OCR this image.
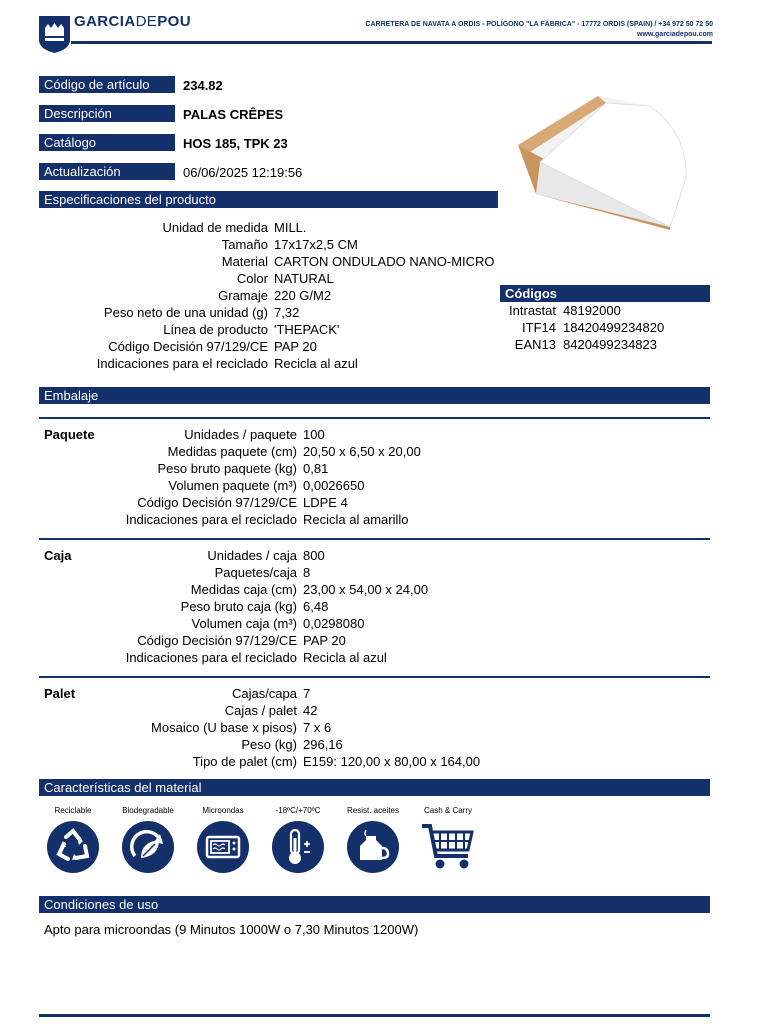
GARCIADEPOU	CARRETERA DE NAVATA A ORDIS - POLÍGONO "LA FÁBRICA" - 17772 ORDIS (SPAIN) / +34 972 50 72 50
www.garciadepou.com
Código de artículo	234.82
Descripción	PALAS CRÊPES
Catálogo	HOS 185, TPK 23
Actualización	06/06/2025 12:19:56
Especificaciones del producto
Unidad de medida MILL.
Tamaño 17x17x2,5 CM
Material CARTON ONDULADO NANO-MICRO
Color NATURAL
Gramaje 220 G/M2
Peso neto de una unidad (g) 7,32
Línea de producto 'THEPACK'
Código Decisión 97/129/CE PAP 20
Indicaciones para el reciclado Recicla al azul
Códigos
Intrastat 48192000
ITF14 18420499234820
EAN13 8420499234823
Embalaje
Paquete	Unidades / paquete 100
Medidas paquete (cm) 20,50 x 6,50 x 20,00
Peso bruto paquete (kg) 0,81
Volumen paquete (m³) 0,0026650
Código Decisión 97/129/CE LDPE 4
Indicaciones para el reciclado Recicla al amarillo
Caja	Unidades / caja 800
Paquetes/caja 8
Medidas caja (cm) 23,00 x 54,00 x 24,00
Peso bruto caja (kg) 6,48
Volumen caja (m³) 0,0298080
Código Decisión 97/129/CE PAP 20
Indicaciones para el reciclado Recicla al azul
Palet	Cajas/capa 7
Cajas / palet 42
Mosaico (U base x pisos) 7 x 6
Peso (kg) 296,16
Tipo de palet (cm) E159: 120,00 x 80,00 x 164,00
Características del material
Reciclable	Biodegradable	Microondas	-18ºC/+70ºC	Resist. aceites	Cash & Carry
Condiciones de uso
Apto para microondas (9 Minutos 1000W o 7,30 Minutos 1200W)
